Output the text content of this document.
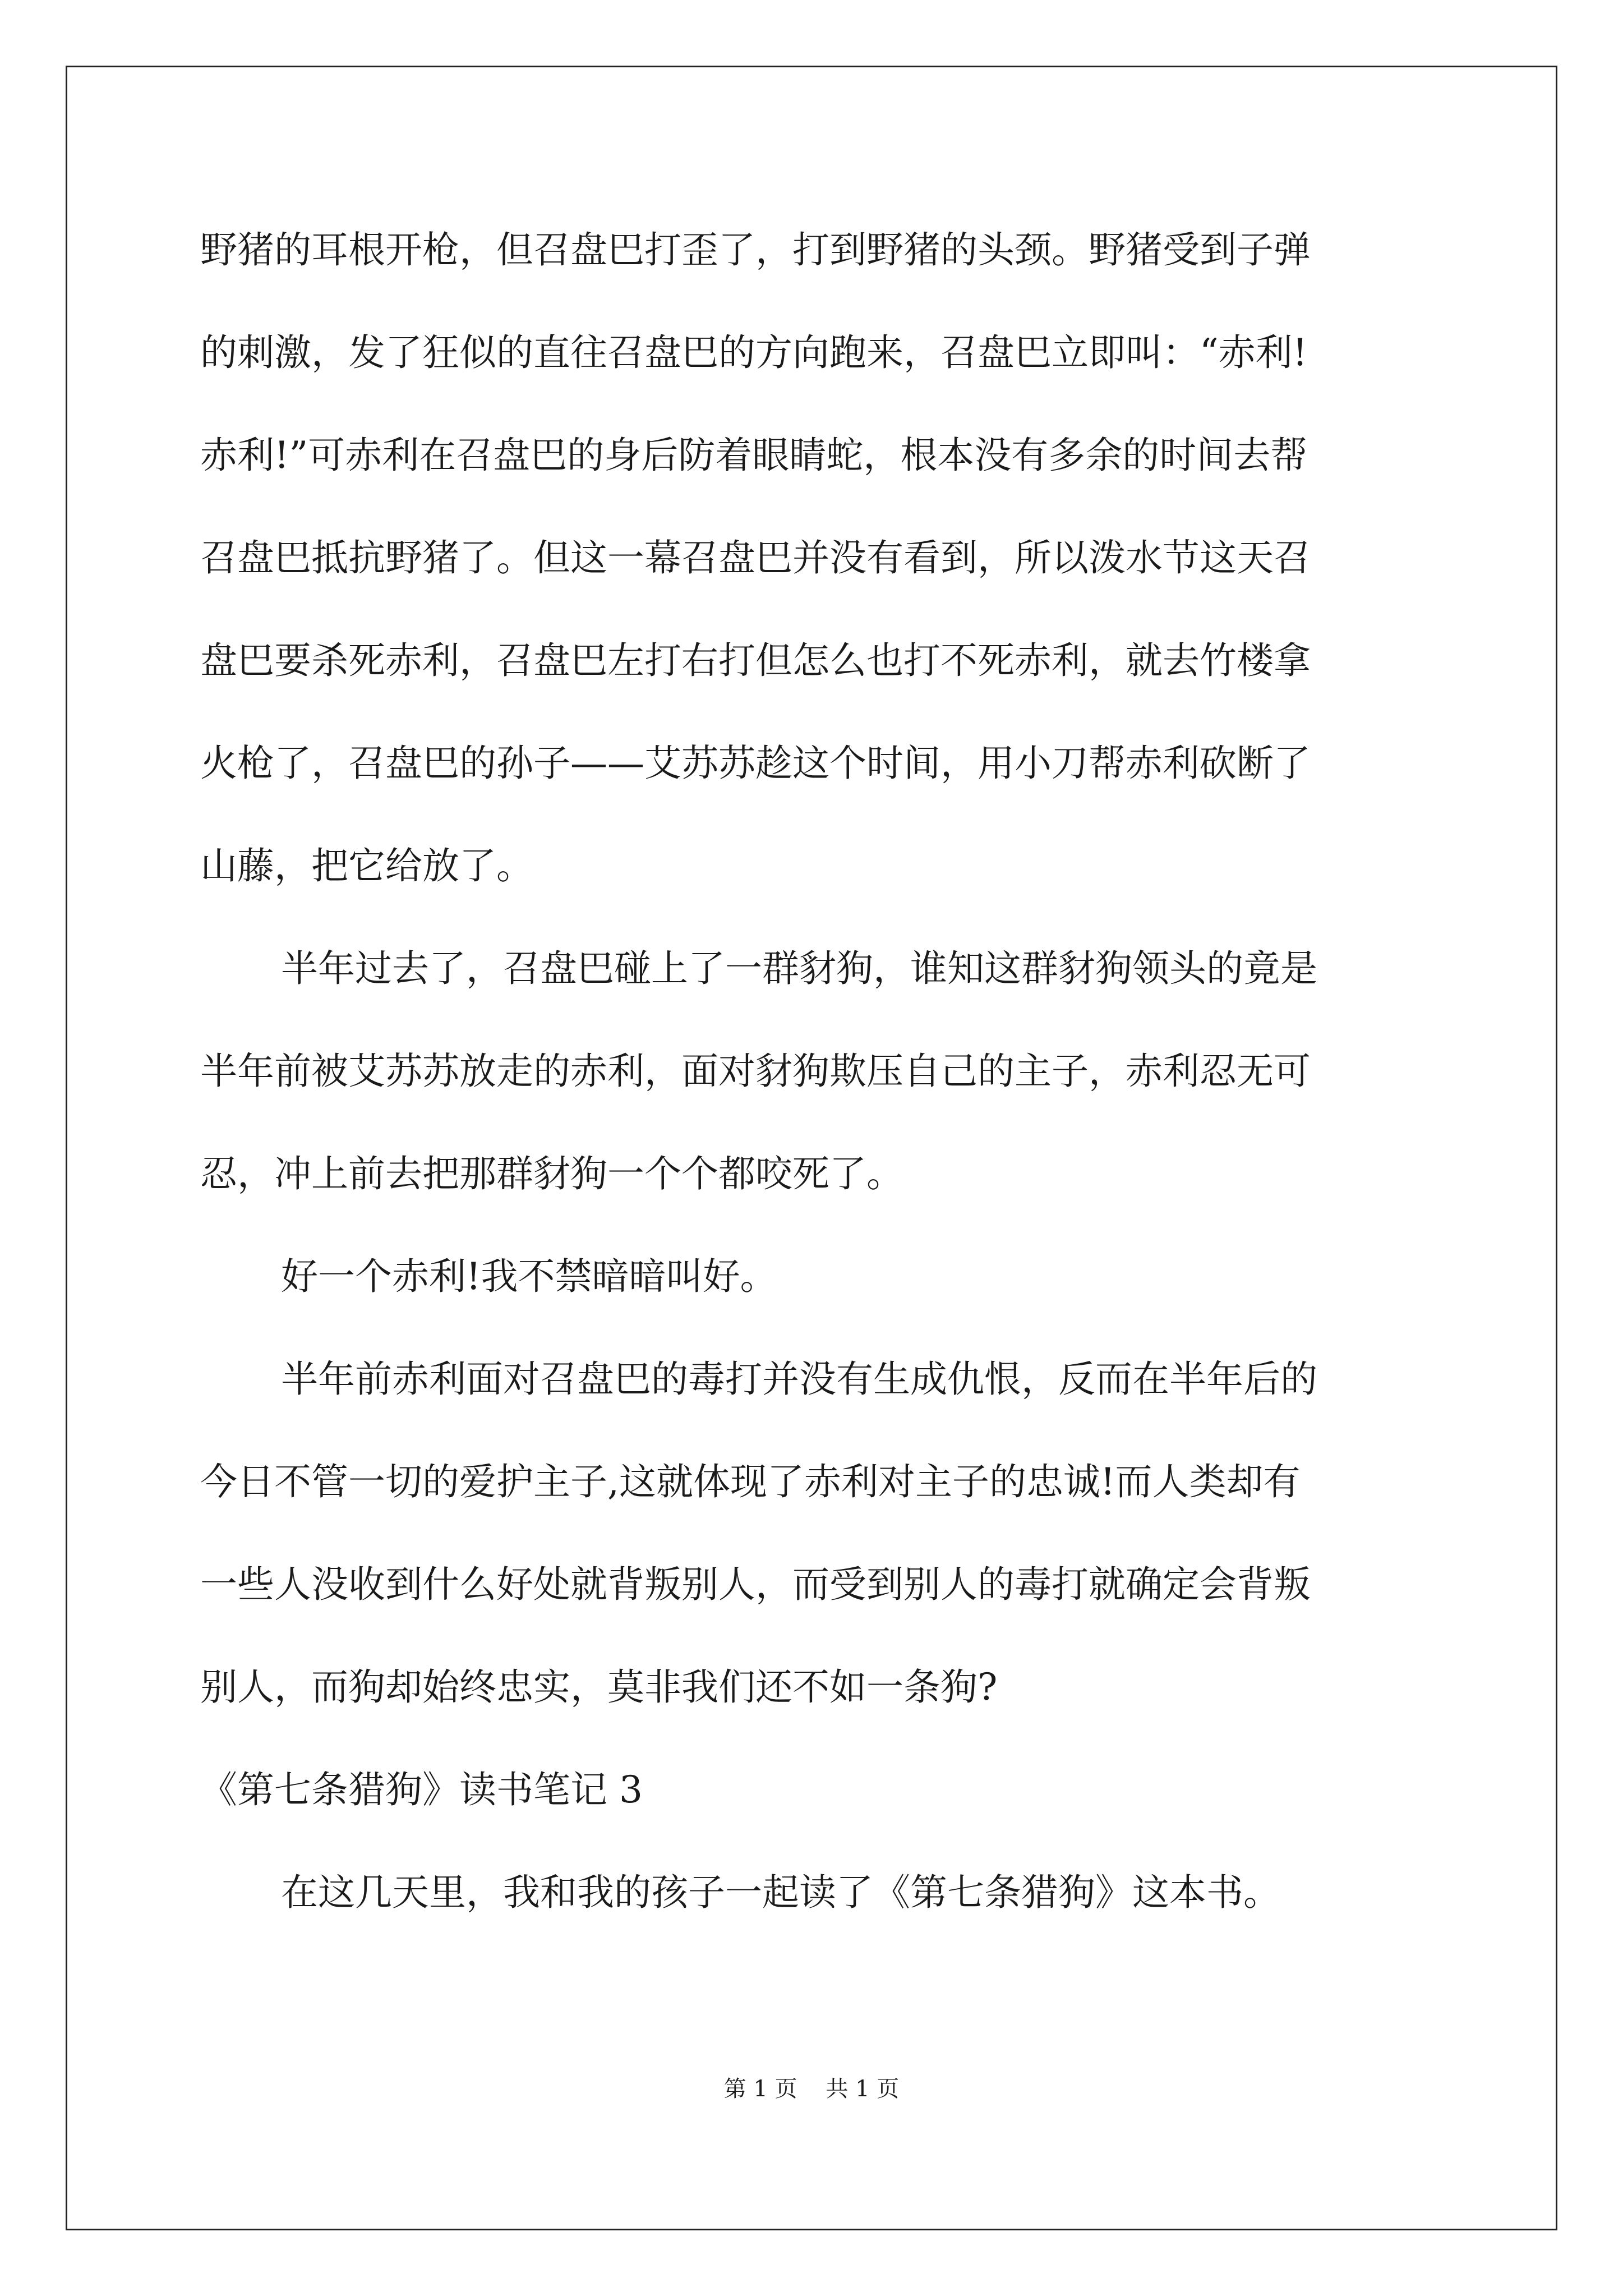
野猪的耳根开枪，但召盘巴打歪了，打到野猪的头颈。野猪受到子弹
的刺激，发了狂似的直往召盘巴的方向跑来，召盘巴立即叫：“赤利!
赤利!”可赤利在召盘巴的身后防着眼睛蛇，根本没有多余的时间去帮
召盘巴抵抗野猪了。但这一幕召盘巴并没有看到，所以泼水节这天召
盘巴要杀死赤利，召盘巴左打右打但怎么也打不死赤利，就去竹楼拿
火枪了，召盘巴的孙子——艾苏苏趁这个时间，用小刀帮赤利砍断了
山藤，把它给放了。
半年过去了，召盘巴碰上了一群豺狗，谁知这群豺狗领头的竟是
半年前被艾苏苏放走的赤利，面对豺狗欺压自己的主子，赤利忍无可
忍，冲上前去把那群豺狗一个个都咬死了。
好一个赤利!我不禁暗暗叫好。
半年前赤利面对召盘巴的毒打并没有生成仇恨，反而在半年后的
今日不管一切的爱护主子,这就体现了赤利对主子的忠诚!而人类却有
一些人没收到什么好处就背叛别人，而受到别人的毒打就确定会背叛
别人，而狗却始终忠实，莫非我们还不如一条狗?
《第七条猎狗》读书笔记 3
在这几天里，我和我的孩子一起读了《第七条猎狗》这本书。
第 1 页    共 1 页
